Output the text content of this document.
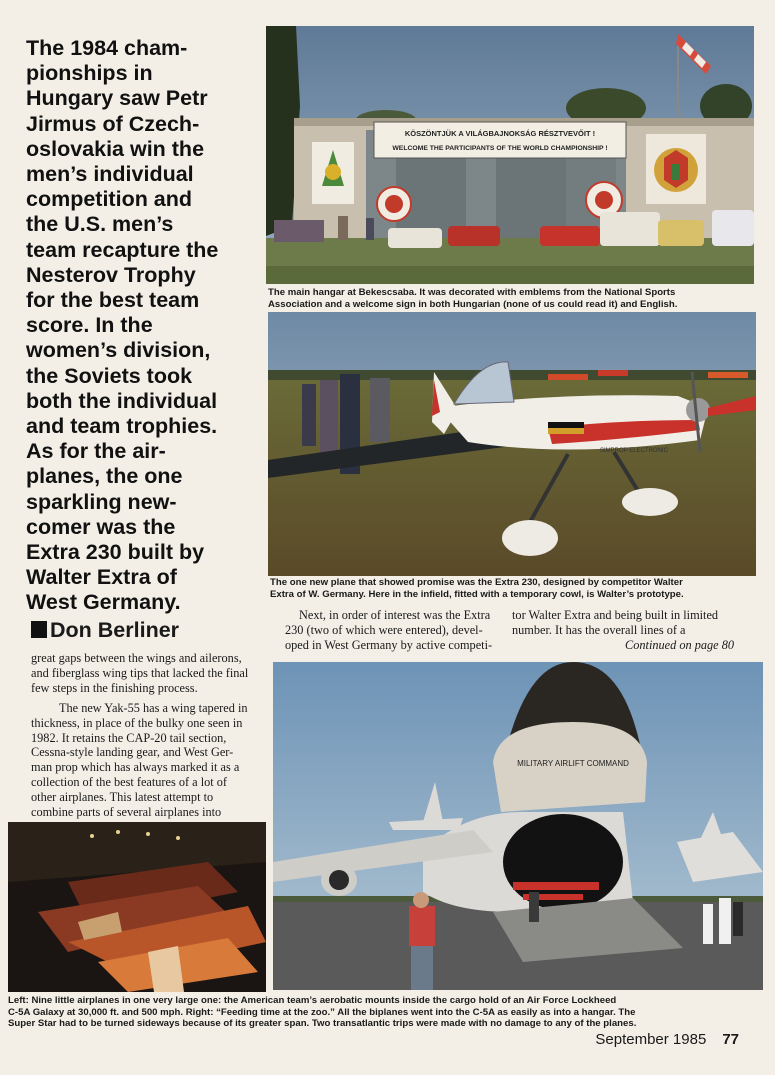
The 1984 cham-
pionships in
Hungary saw Petr
Jirmus of Czech-
oslovakia win the
men’s individual
competition and
the U.S. men’s
team recapture the
Nesterov Trophy
for the best team
score. In the
women’s division,
the Soviets took
both the individual
and team trophies.
As for the air-
planes, the one
sparkling new-
comer was the
Extra 230 built by
Walter Extra of
West Germany.
Don Berliner
great gaps between the wings and ailerons,
and fiberglass wing tips that lacked the final
few steps in the finishing process.
The new Yak-55 has a wing tapered in
thickness, in place of the bulky one seen in
1982. It retains the CAP-20 tail section,
Cessna-style landing gear, and West Ger-
man prop which has always marked it as a
collection of the best features of a lot of
other airplanes. This latest attempt to
combine parts of several airplanes into
KÖSZÖNTJÜK A VILÁGBAJNOKSÁG RÉSZTVEVŐIT !
WELCOME THE PARTICIPANTS OF THE WORLD CHAMPIONSHIP !
The main hangar at Bekescsaba. It was decorated with emblems from the National Sports
Association and a welcome sign in both Hungarian (none of us could read it) and English.
SIMPROP ELECTRONIC
The one new plane that showed promise was the Extra 230, designed by competitor Walter
Extra of W. Germany. Here in the infield, fitted with a temporary cowl, is Walter’s prototype.
Next, in order of interest was the Extra
230 (two of which were entered), devel-
oped in West Germany by active competi-
tor Walter Extra and being built in limited
number. It has the overall lines of a
Continued on page 80
MILITARY AIRLIFT COMMAND
Left: Nine little airplanes in one very large one: the American team’s aerobatic mounts inside the cargo hold of an Air Force Lockheed
C-5A Galaxy at 30,000 ft. and 500 mph. Right: “Feeding time at the zoo.” All the biplanes went into the C-5A as easily as into a hangar. The
Super Star had to be turned sideways because of its greater span. Two transatlantic trips were made with no damage to any of the planes.
September 1985 77
